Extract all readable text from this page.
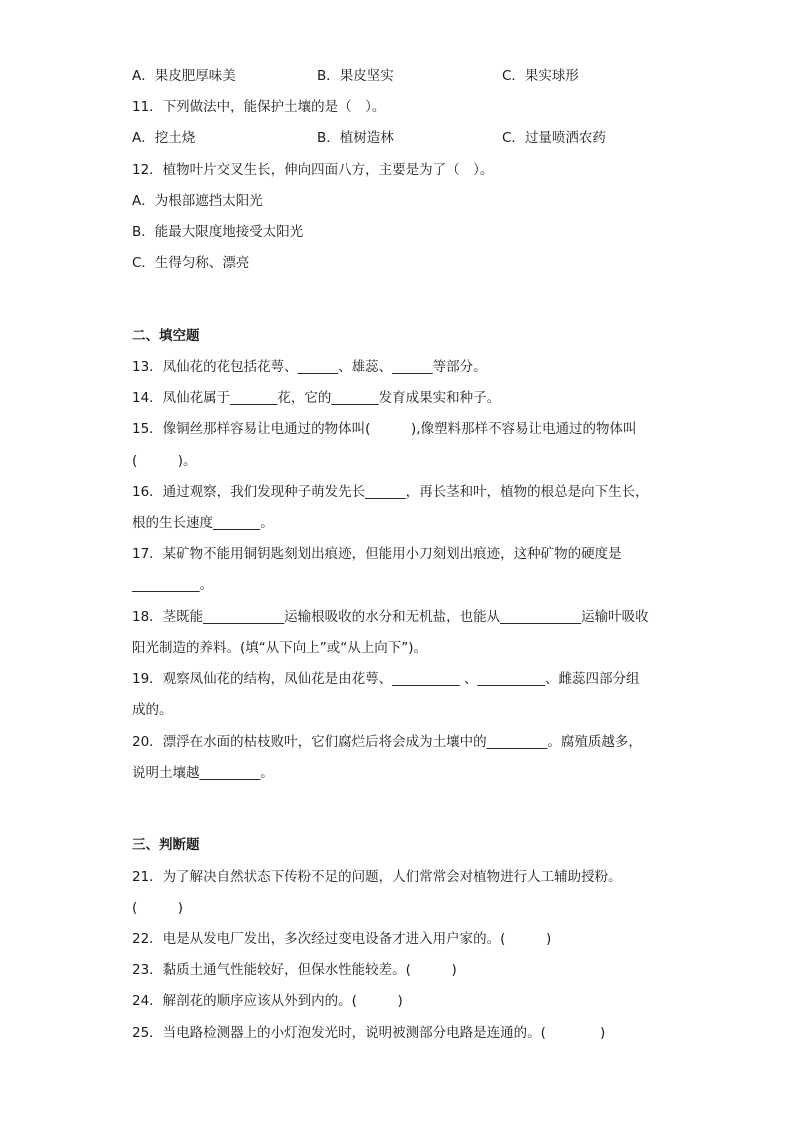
A．果皮肥厚味美	B．果皮坚实	C．果实球形
11．下列做法中，能保护土壤的是（　）。
A．挖土烧	B．植树造林	C．过量喷洒农药
12．植物叶片交叉生长，伸向四面八方，主要是为了（　）。
A．为根部遮挡太阳光
B．能最大限度地接受太阳光
C．生得匀称、漂亮
二、填空题
13．凤仙花的花包括花萼、______、雄蕊、______等部分。
14．凤仙花属于_______花，它的_______发育成果实和种子。
15．像铜丝那样容易让电通过的物体叫(　　　),像塑料那样不容易让电通过的物体叫
(　　　)。
16．通过观察，我们发现种子萌发先长______，再长茎和叶，植物的根总是向下生长，
根的生长速度_______。
17．某矿物不能用铜钥匙刻划出痕迹，但能用小刀刻划出痕迹，这种矿物的硬度是
__________。
18．茎既能____________运输根吸收的水分和无机盐，也能从____________运输叶吸收
阳光制造的养料。(填“从下向上”或“从上向下”)。
19．观察凤仙花的结构，凤仙花是由花萼、__________ 、__________、雌蕊四部分组
成的。
20．漂浮在水面的枯枝败叶，它们腐烂后将会成为土壤中的_________。腐殖质越多，
说明土壤越_________。
三、判断题
21．为了解决自然状态下传粉不足的问题，人们常常会对植物进行人工辅助授粉。
(　　　)
22．电是从发电厂发出，多次经过变电设备才进入用户家的。(　　　)
23．黏质土通气性能较好，但保水性能较差。(　　　)
24．解剖花的顺序应该从外到内的。(　　　)
25．当电路检测器上的小灯泡发光时，说明被测部分电路是连通的。(　　　　)
